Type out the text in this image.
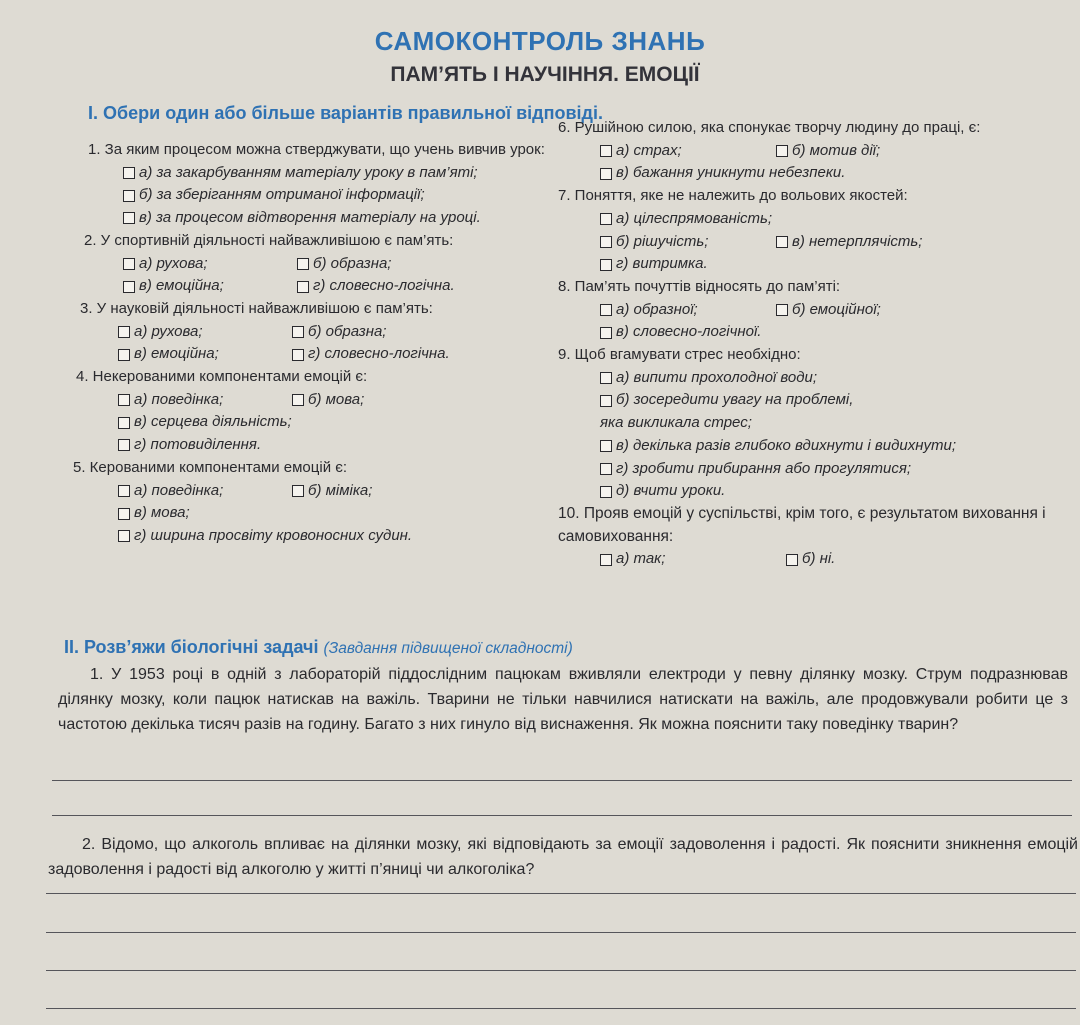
САМОКОНТРОЛЬ ЗНАНЬ
ПАМ’ЯТЬ І НАУЧІННЯ. ЕМОЦІЇ
І. Обери один або більше варіантів правильної відповіді.

1. За яким процесом можна стверджувати, що учень вивчив урок:

а) за закарбуванням матеріалу уроку в пам’яті;
б) за зберіганням отриманої інформації;
в) за процесом відтворення матеріалу на уроці.

2. У спортивній діяльності найважливішою є пам’ять:

а) рухова;	б) образна;
в) емоційна;	г) словесно-логічна.

3. У науковій діяльності найважливішою є пам’ять:

а) рухова;	б) образна;
в) емоційна;	г) словесно-логічна.

4. Некерованими компонентами емоцій є:

а) поведінка;	б) мова;
в) серцева діяльність;
г) потовиділення.

5. Керованими компонентами емоцій є:

а) поведінка;	б) міміка;
в) мова;
г) ширина просвіту кровоносних судин.

6. Рушійною силою, яка спонукає творчу людину до праці, є:

а) страх;	б) мотив дії;
в) бажання уникнути небезпеки.

7. Поняття, яке не належить до вольових якостей:

а) цілеспрямованість;
б) рішучість;	в) нетерплячість;
г) витримка.

8. Пам’ять почуттів відносять до пам’яті:

а) образної;	б) емоційної;
в) словесно-логічної.

9. Щоб вгамувати стрес необхідно:

а) випити прохолодної води;
б) зосередити увагу на проблемі,
яка викликала стрес;
в) декілька разів глибоко вдихнути і видихнути;
г) зробити прибирання або прогулятися;
д) вчити уроки.

10. Прояв емоцій у суспільстві, крім того, є результатом виховання і самовиховання:

а) так;	б) ні.
ІІ. Розв’яжи біологічні задачі (Завдання підвищеної складності)
1. У 1953 році в одній з лабораторій піддослідним пацюкам вживляли електроди у певну ділянку мозку. Струм подразнював ділянку мозку, коли пацюк натискав на важіль. Тварини не тільки навчилися натискати на важіль, але продовжували робити це з частотою декілька тисяч разів на годину. Багато з них гинуло від виснаження. Як можна пояснити таку поведінку тварин?
2. Відомо, що алкоголь впливає на ділянки мозку, які відповідають за емоції задоволення і радості. Як пояснити зникнення емоцій задоволення і радості від алкоголю у житті п’яниці чи алкоголіка?
